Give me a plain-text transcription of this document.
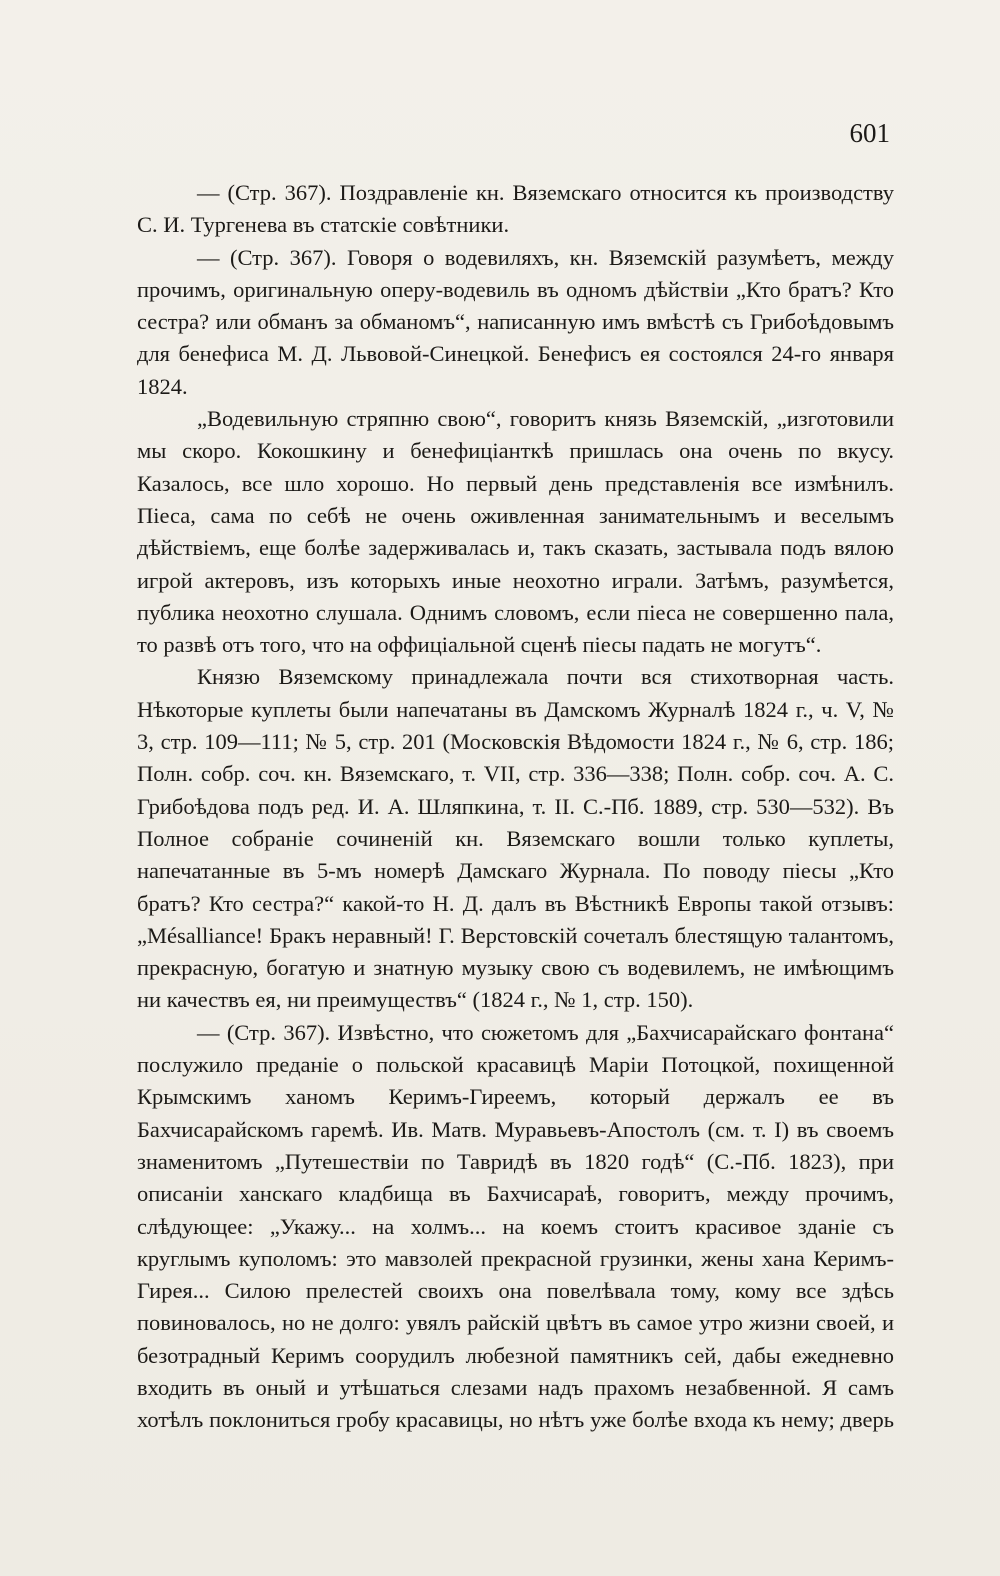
601

— (Стр. 367). Поздравленіе кн. Вяземскаго относится къ производству С. И. Тургенева въ статскіе совѣтники.

— (Стр. 367). Говоря о водевиляхъ, кн. Вяземскій разумѣетъ, между прочимъ, оригинальную оперу-водевиль въ одномъ дѣйствіи „Кто братъ? Кто сестра? или обманъ за обманомъ“, написанную имъ вмѣстѣ съ Грибоѣдовымъ для бенефиса М. Д. Львовой-Синецкой. Бенефисъ ея состоялся 24-го января 1824.

„Водевильную стряпню свою“, говоритъ князь Вяземскій, „изготовили мы скоро. Кокошкину и бенефиціанткѣ пришлась она очень по вкусу. Казалось, все шло хорошо. Но первый день представленія все измѣнилъ. Піеса, сама по себѣ не очень оживленная занимательнымъ и веселымъ дѣйствіемъ, еще болѣе задерживалась и, такъ сказать, застывала подъ вялою игрой актеровъ, изъ которыхъ иные неохотно играли. Затѣмъ, разумѣется, публика неохотно слушала. Однимъ словомъ, если піеса не совершенно пала, то развѣ отъ того, что на оффиціальной сценѣ піесы падать не могутъ“.

Князю Вяземскому принадлежала почти вся стихотворная часть. Нѣкоторые куплеты были напечатаны въ Дамскомъ Журналѣ 1824 г., ч. V, № 3, стр. 109—111; № 5, стр. 201 (Московскія Вѣдомости 1824 г., № 6, стр. 186; Полн. собр. соч. кн. Вяземскаго, т. VII, стр. 336—338; Полн. собр. соч. А. С. Грибоѣдова подъ ред. И. А. Шляпкина, т. II. С.-Пб. 1889, стр. 530—532). Въ Полное собраніе сочиненій кн. Вяземскаго вошли только куплеты, напечатанные въ 5-мъ номерѣ Дамскаго Журнала. По поводу піесы „Кто братъ? Кто сестра?“ какой-то Н. Д. далъ въ Вѣстникѣ Европы такой отзывъ: „Mésalliance! Бракъ неравный! Г. Верстовскій сочеталъ блестящую талантомъ, прекрасную, богатую и знатную музыку свою съ водевилемъ, не имѣющимъ ни качествъ ея, ни преимуществъ“ (1824 г., № 1, стр. 150).

— (Стр. 367). Извѣстно, что сюжетомъ для „Бахчисарайскаго фонтана“ послужило преданіе о польской красавицѣ Маріи Потоцкой, похищенной Крымскимъ ханомъ Керимъ-Гиреемъ, который держалъ ее въ Бахчисарайскомъ гаремѣ. Ив. Матв. Муравьевъ-Апостолъ (см. т. I) въ своемъ знаменитомъ „Путешествіи по Тавридѣ въ 1820 годѣ“ (С.-Пб. 1823), при описаніи ханскаго кладбища въ Бахчисараѣ, говоритъ, между прочимъ, слѣдующее: „Укажу... на холмъ... на коемъ стоитъ красивое зданіе съ круглымъ куполомъ: это мавзолей прекрасной грузинки, жены хана Керимъ-Гирея... Силою прелестей своихъ она повелѣвала тому, кому все здѣсь повиновалось, но не долго: увялъ райскій цвѣтъ въ самое утро жизни своей, и безотрадный Керимъ соорудилъ любезной памятникъ сей, дабы ежедневно входить въ оный и утѣшаться слезами надъ прахомъ незабвенной. Я самъ хотѣлъ поклониться гробу красавицы, но нѣтъ уже болѣе входа къ нему; дверь
